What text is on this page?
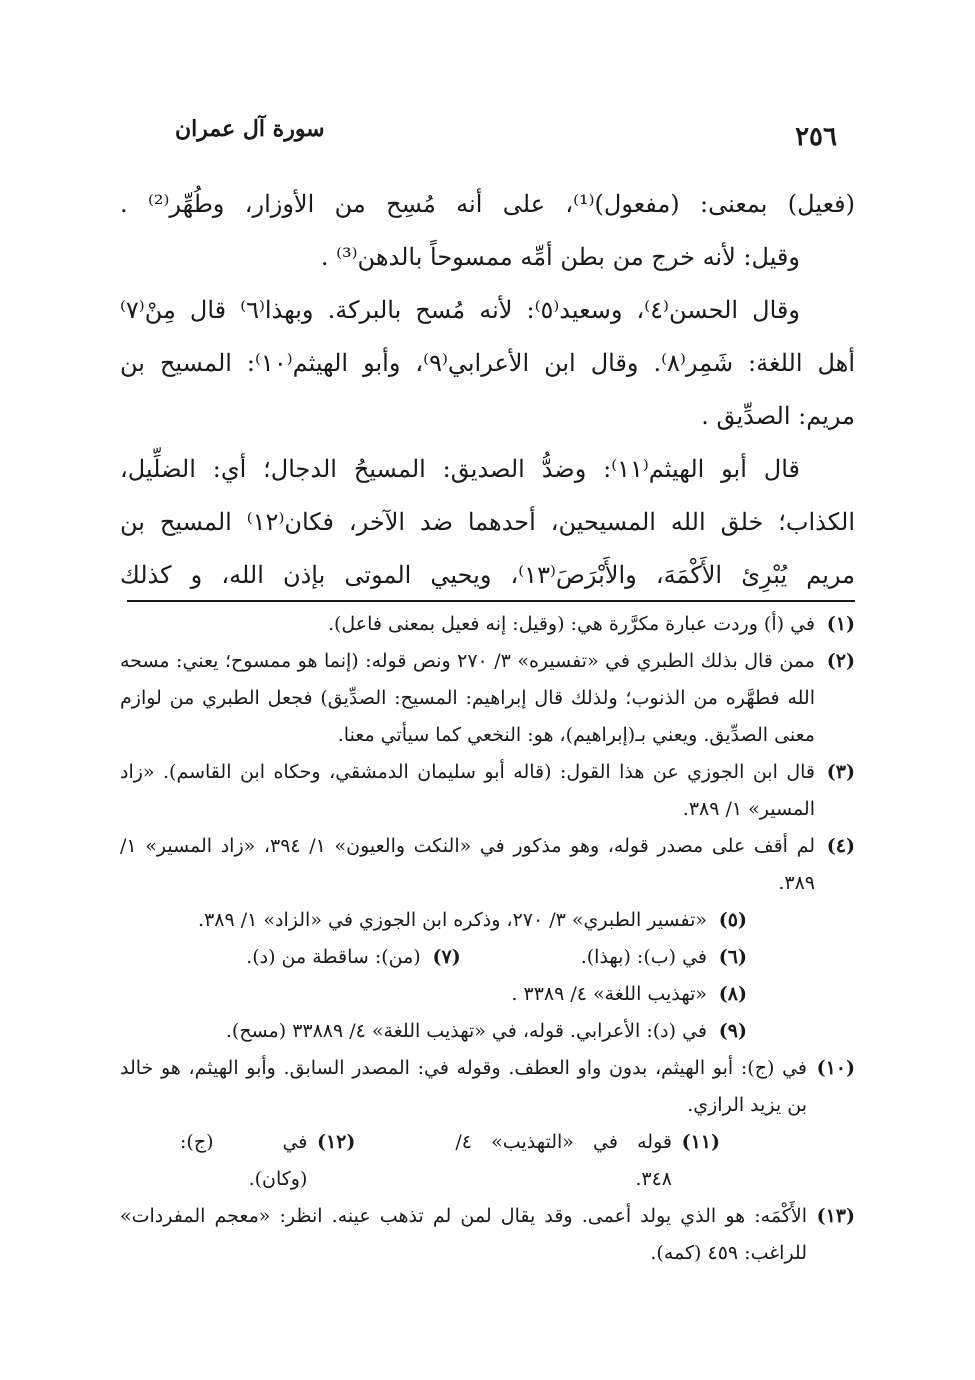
٢٥٦
سورة آل عمران
(فعيل) بمعنى: (مفعول)⁽¹⁾، على أنه مُسِح من الأوزار، وطُهِّر⁽²⁾ .
وقيل: لأنه خرج من بطن أمِّه ممسوحاً بالدهن⁽³⁾ .
وقال الحسن⁽٤⁾، وسعيد⁽٥⁾: لأنه مُسح بالبركة. وبهذا⁽٦⁾ قال مِنْ⁽٧⁾
أهل اللغة: شَمِر⁽٨⁾. وقال ابن الأعرابي⁽٩⁾، وأبو الهيثم⁽١٠⁾: المسيح بن
مريم: الصدِّيق .
قال أبو الهيثم⁽١١⁾: وضدُّ الصديق: المسيحُ الدجال؛ أي: الضلِّيل،
الكذاب؛ خلق الله المسيحين، أحدهما ضد الآخر، فكان⁽١٢⁾ المسيح بن
مريم يُبْرِئ الأَكْمَهَ، والأَبْرَصَ⁽١٣⁾، ويحيي الموتى بإذن الله، و كذلك
(١)
في (أ) وردت عبارة مكرَّرة هي: (وقيل: إنه فعيل بمعنى فاعل).
(٢)
ممن قال بذلك الطبري في «تفسيره» ٣/ ٢٧٠ ونص قوله: (إنما هو ممسوح؛ يعني: مسحه الله فطهَّره من الذنوب؛ ولذلك قال إبراهيم: المسيح: الصدِّيق) فجعل الطبري من لوازم معنى الصدِّيق. ويعني بـ(إبراهيم)، هو: النخعي كما سيأتي معنا.
(٣)
قال ابن الجوزي عن هذا القول: (قاله أبو سليمان الدمشقي، وحكاه ابن القاسم). «زاد المسير» ١/ ٣٨٩.
(٤)
لم أقف على مصدر قوله، وهو مذكور في «النكت والعيون» ١/ ٣٩٤، «زاد المسير» ١/ ٣٨٩.
(٥)
«تفسير الطبري» ٣/ ٢٧٠، وذكره ابن الجوزي في «الزاد» ١/ ٣٨٩.
(٦)
في (ب): (بهذا).
(٧)
(من): ساقطة من (د).
(٨)
«تهذيب اللغة» ٤/ ٣٣٨٩ .
(٩)
في (د): الأعرابي. قوله، في «تهذيب اللغة» ٤/ ٣٣٨٨٩ (مسح).
(١٠)
في (ج): أبو الهيثم، بدون واو العطف. وقوله في: المصدر السابق. وأبو الهيثم، هو خالد بن يزيد الرازي.
(١١)
قوله في «التهذيب» ٤/ ٣٤٨.
(١٢)
في (ج): (وكان).
(١٣)
الأَكْمَه: هو الذي يولد أعمى. وقد يقال لمن لم تذهب عينه. انظر: «معجم المفردات» للراغب: ٤٥٩ (كمه).
